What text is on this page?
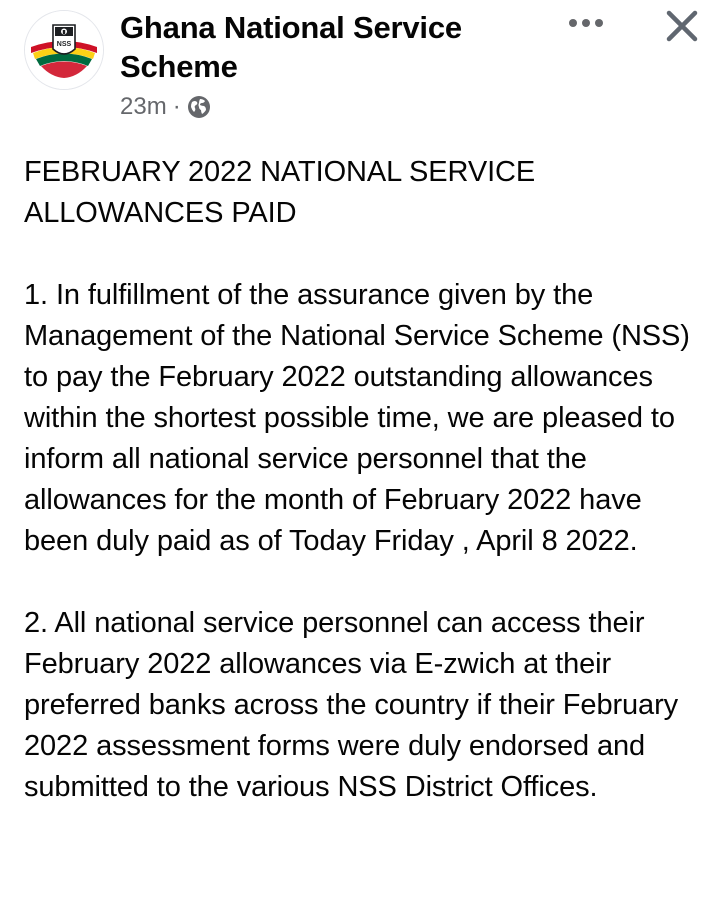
NSS Ghana National Service Scheme
23m ·

FEBRUARY 2022 NATIONAL SERVICE ALLOWANCES PAID

1. In fulfillment of the assurance given by the Management of the National Service Scheme (NSS) to pay the February 2022 outstanding allowances within the shortest possible time, we are pleased to inform all national service personnel that the allowances for the month of February 2022 have been duly paid as of Today Friday , April 8 2022.

2. All national service personnel can access their February 2022 allowances via E-zwich at their preferred banks across the country if their February 2022 assessment forms were duly endorsed and submitted to the various NSS District Offices.
